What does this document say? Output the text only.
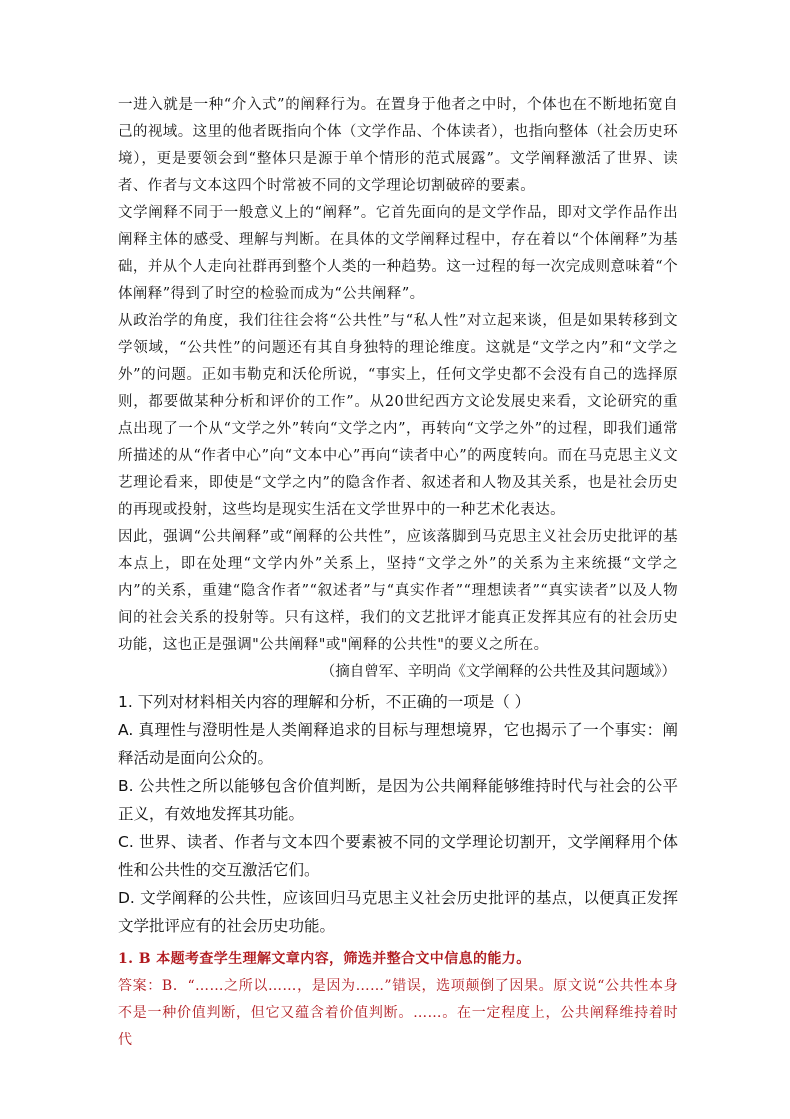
一进入就是一种“介入式”的阐释行为。在置身于他者之中时，个体也在不断地拓宽自己的视域。这里的他者既指向个体（文学作品、个体读者），也指向整体（社会历史环境），更是要领会到“整体只是源于单个情形的范式展露”。文学阐释激活了世界、读者、作者与文本这四个时常被不同的文学理论切割破碎的要素。

文学阐释不同于一般意义上的“阐释”。它首先面向的是文学作品，即对文学作品作出阐释主体的感受、理解与判断。在具体的文学阐释过程中，存在着以“个体阐释”为基础，并从个人走向社群再到整个人类的一种趋势。这一过程的每一次完成则意味着“个体阐释”得到了时空的检验而成为“公共阐释”。

从政治学的角度，我们往往会将“公共性”与“私人性”对立起来谈，但是如果转移到文学领域，“公共性”的问题还有其自身独特的理论维度。这就是“文学之内”和“文学之外”的问题。正如韦勒克和沃伦所说，“事实上，任何文学史都不会没有自己的选择原则，都要做某种分析和评价的工作”。从20世纪西方文论发展史来看，文论研究的重点出现了一个从“文学之外”转向“文学之内”，再转向“文学之外”的过程，即我们通常所描述的从“作者中心”向“文本中心”再向“读者中心”的两度转向。而在马克思主义文艺理论看来，即使是“文学之内”的隐含作者、叙述者和人物及其关系，也是社会历史的再现或投射，这些均是现实生活在文学世界中的一种艺术化表达。

因此，强调“公共阐释”或“阐释的公共性”，应该落脚到马克思主义社会历史批评的基本点上，即在处理“文学内外”关系上，坚持“文学之外”的关系为主来统摄“文学之内”的关系，重建“隐含作者”“叙述者”与“真实作者”“理想读者”“真实读者”以及人物间的社会关系的投射等。只有这样，我们的文艺批评才能真正发挥其应有的社会历史功能，这也正是强调"公共阐释"或"阐释的公共性"的要义之所在。

（摘自曾军、辛明尚《文学阐释的公共性及其问题域》）

1. 下列对材料相关内容的理解和分析，不正确的一项是（ ）

A. 真理性与澄明性是人类阐释追求的目标与理想境界，它也揭示了一个事实：阐释活动是面向公众的。

B. 公共性之所以能够包含价值判断，是因为公共阐释能够维持时代与社会的公平正义，有效地发挥其功能。

C. 世界、读者、作者与文本四个要素被不同的文学理论切割开，文学阐释用个体性和公共性的交互激活它们。

D. 文学阐释的公共性，应该回归马克思主义社会历史批评的基点，以便真正发挥文学批评应有的社会历史功能。

1. B 本题考查学生理解文章内容，筛选并整合文中信息的能力。

答案：B．“……之所以……，是因为……”错误，选项颠倒了因果。原文说“公共性本身不是一种价值判断，但它又蕴含着价值判断。……。在一定程度上，公共阐释维持着时代
